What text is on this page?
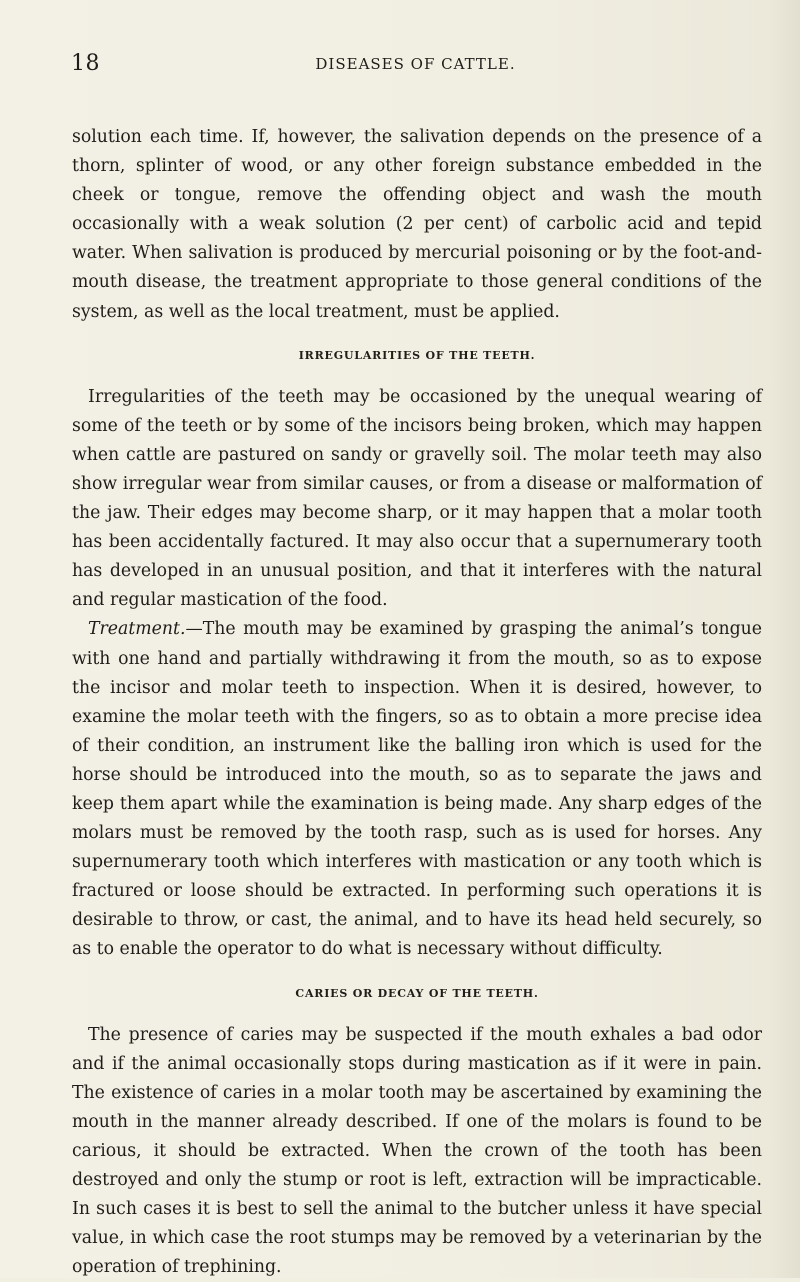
18	DISEASES OF CATTLE.

solution each time. If, however, the salivation depends on the presence of a thorn, splinter of wood, or any other foreign substance embedded in the cheek or tongue, remove the offending object and wash the mouth occasionally with a weak solution (2 per cent) of carbolic acid and tepid water. When salivation is produced by mercurial poisoning or by the foot-and-mouth disease, the treatment appropriate to those general conditions of the system, as well as the local treatment, must be applied.

IRREGULARITIES OF THE TEETH.

Irregularities of the teeth may be occasioned by the unequal wearing of some of the teeth or by some of the incisors being broken, which may happen when cattle are pastured on sandy or gravelly soil. The molar teeth may also show irregular wear from similar causes, or from a disease or malformation of the jaw. Their edges may become sharp, or it may happen that a molar tooth has been accidentally factured. It may also occur that a supernumerary tooth has developed in an unusual position, and that it interferes with the natural and regular mastication of the food.

Treatment.—The mouth may be examined by grasping the animal’s tongue with one hand and partially withdrawing it from the mouth, so as to expose the incisor and molar teeth to inspection. When it is desired, however, to examine the molar teeth with the fingers, so as to obtain a more precise idea of their condition, an instrument like the balling iron which is used for the horse should be introduced into the mouth, so as to separate the jaws and keep them apart while the examination is being made. Any sharp edges of the molars must be removed by the tooth rasp, such as is used for horses. Any supernumerary tooth which interferes with mastication or any tooth which is fractured or loose should be extracted. In performing such operations it is desirable to throw, or cast, the animal, and to have its head held securely, so as to enable the operator to do what is necessary without difficulty.

CARIES OR DECAY OF THE TEETH.

The presence of caries may be suspected if the mouth exhales a bad odor and if the animal occasionally stops during mastication as if it were in pain. The existence of caries in a molar tooth may be ascertained by examining the mouth in the manner already described. If one of the molars is found to be carious, it should be extracted. When the crown of the tooth has been destroyed and only the stump or root is left, extraction will be impracticable. In such cases it is best to sell the animal to the butcher unless it have special value, in which case the root stumps may be removed by a veterinarian by the operation of trephining.
